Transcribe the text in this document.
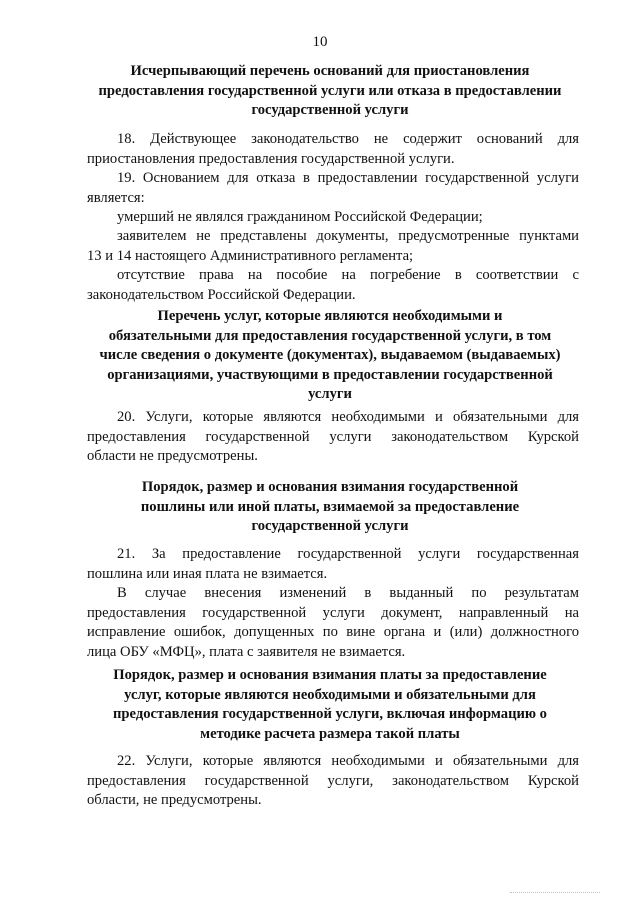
10
Исчерпывающий перечень оснований для приостановления
предоставления государственной услуги или отказа в предоставлении
государственной услуги
18. Действующее законодательство не содержит оснований для
приостановления предоставления государственной услуги.
19. Основанием для отказа в предоставлении государственной услуги
является:
умерший не являлся гражданином Российской Федерации;
заявителем не представлены документы, предусмотренные пунктами
13 и 14 настоящего Административного регламента;
отсутствие права на пособие на погребение в соответствии с
законодательством Российской Федерации.
Перечень услуг, которые являются необходимыми и
обязательными для предоставления государственной услуги, в том
числе сведения о документе (документах), выдаваемом (выдаваемых)
организациями, участвующими в предоставлении государственной
услуги
20. Услуги, которые являются необходимыми и обязательными для
предоставления государственной услуги законодательством Курской
области не предусмотрены.
Порядок, размер и основания взимания государственной
пошлины или иной платы, взимаемой за предоставление
государственной услуги
21. За предоставление государственной услуги государственная
пошлина или иная плата не взимается.
В случае внесения изменений в выданный по результатам
предоставления государственной услуги документ, направленный на
исправление ошибок, допущенных по вине органа и (или) должностного
лица ОБУ «МФЦ», плата с заявителя не взимается.
Порядок, размер и основания взимания платы за предоставление
услуг, которые являются необходимыми и обязательными для
предоставления государственной услуги, включая информацию о
методике расчета размера такой платы
22. Услуги, которые являются необходимыми и обязательными для
предоставления государственной услуги, законодательством Курской
области, не предусмотрены.
